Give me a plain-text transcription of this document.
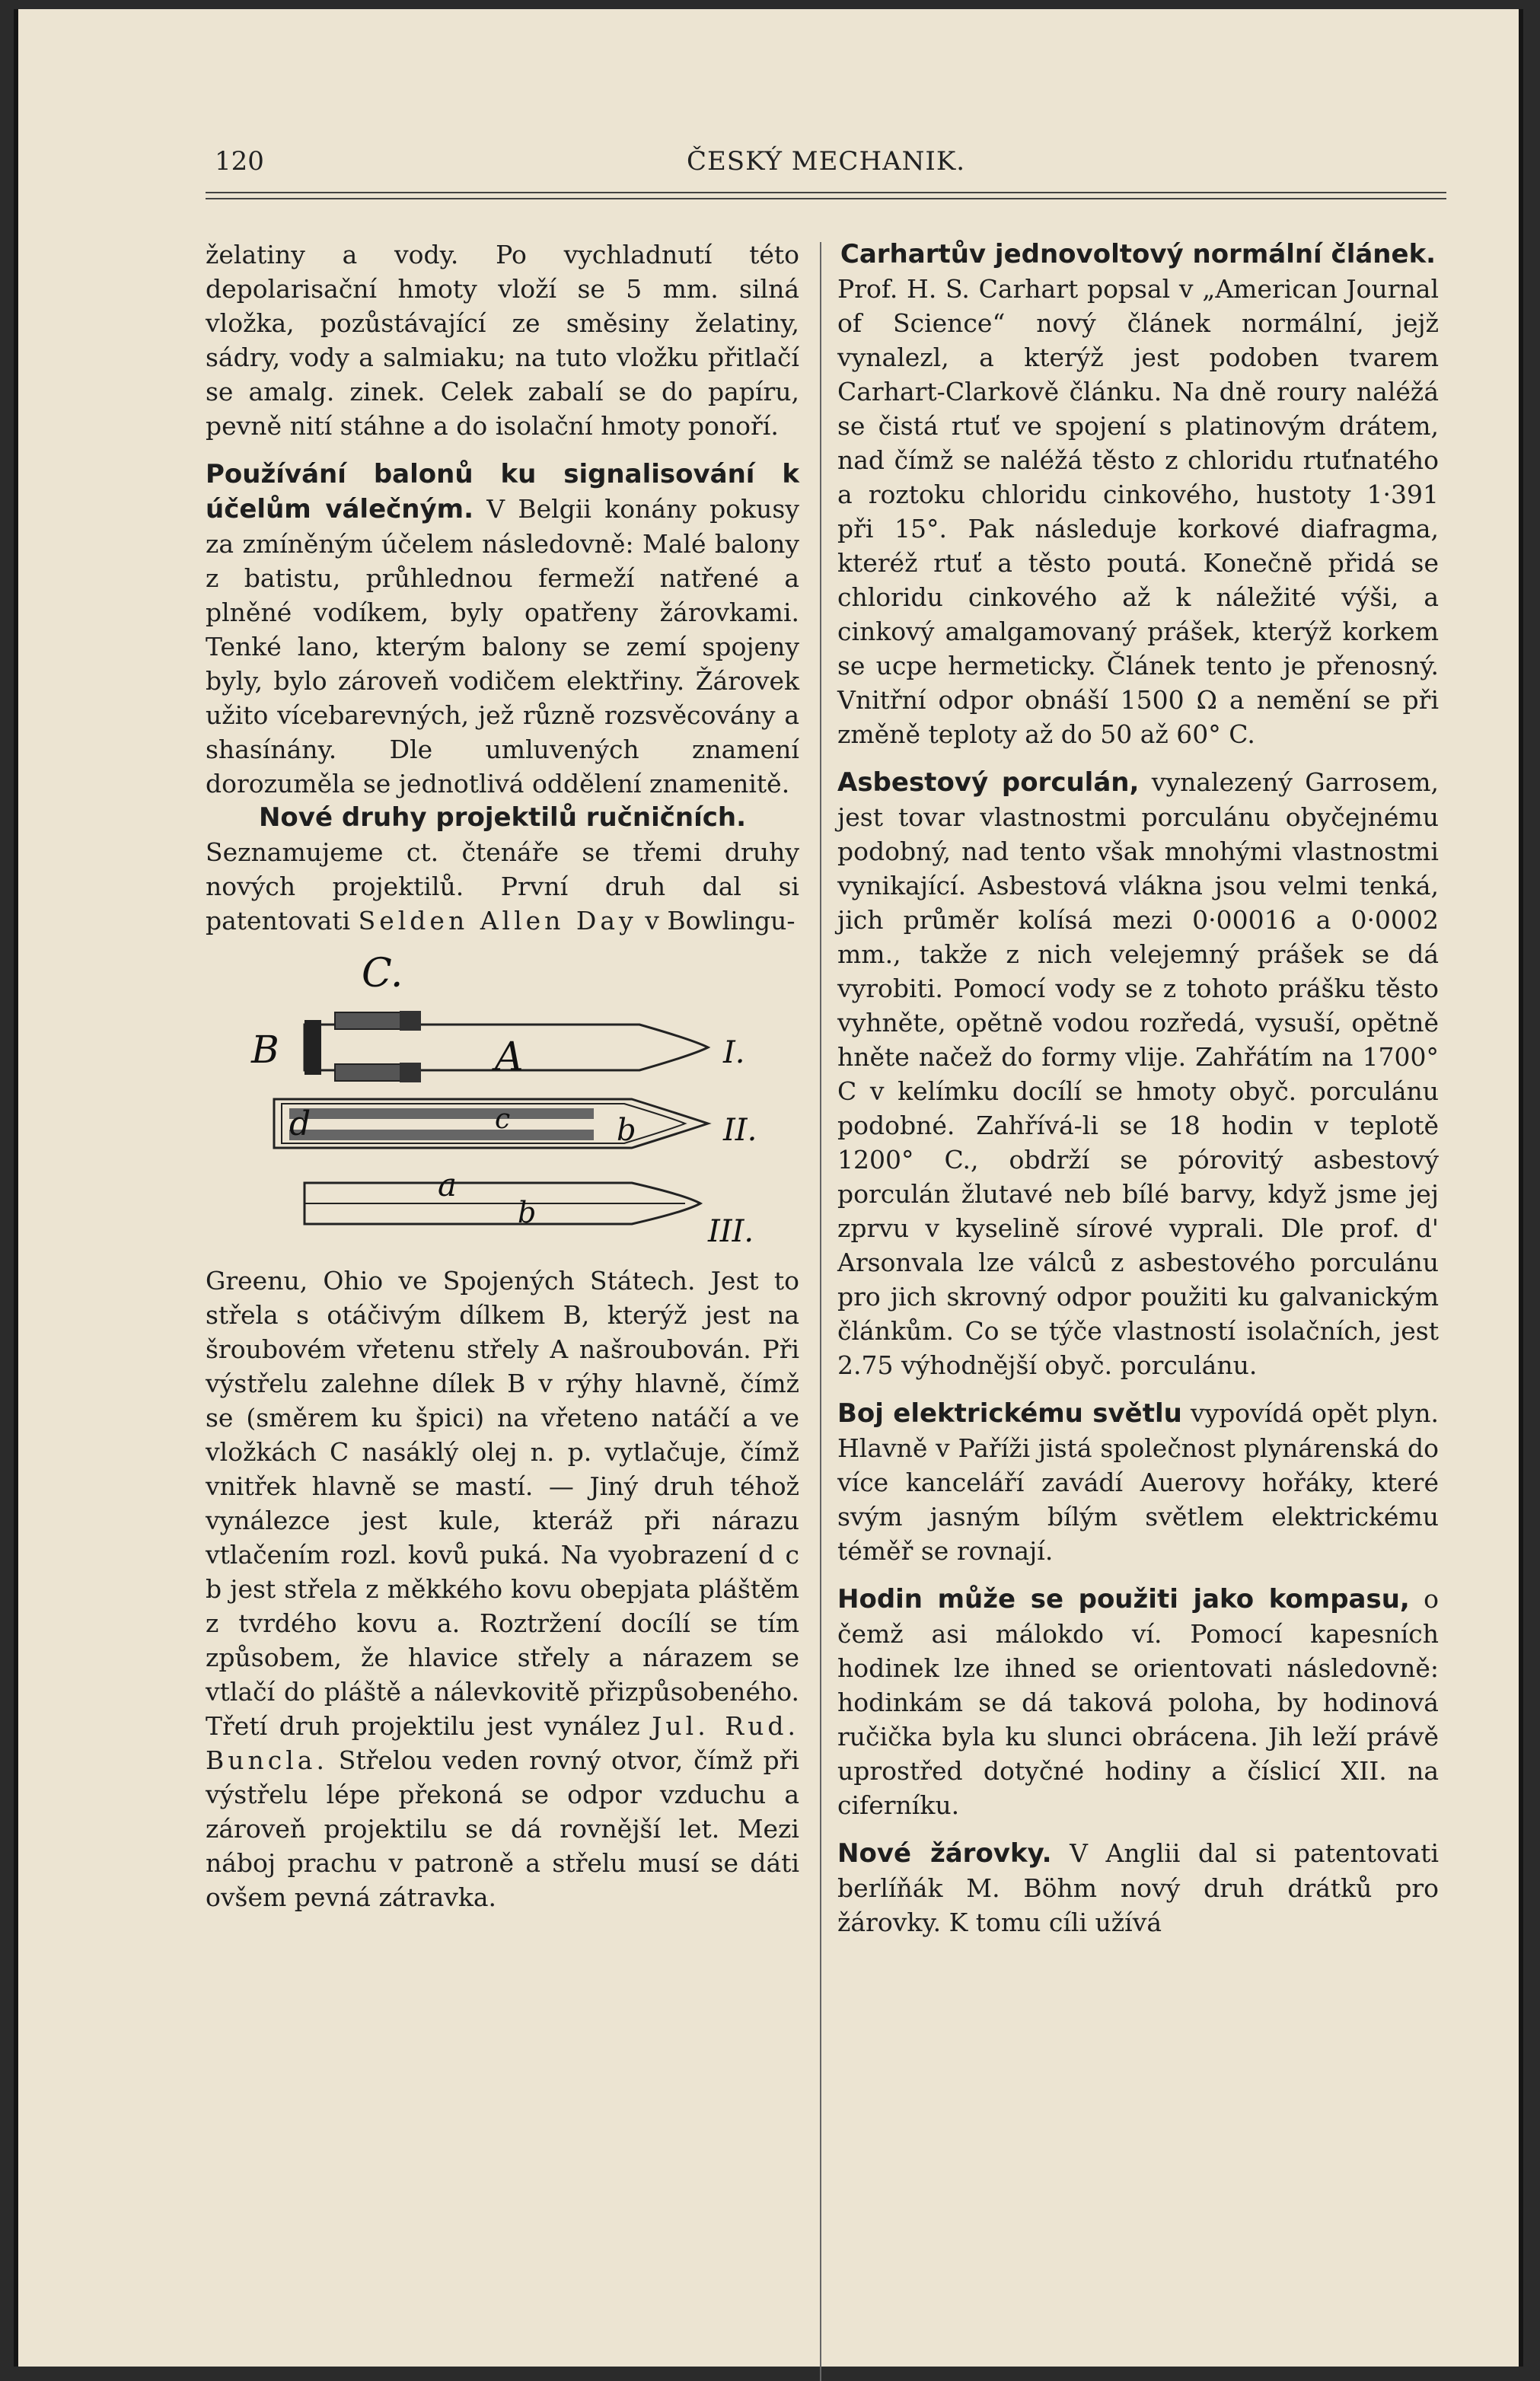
120	ČESKÝ MECHANIK.

želatiny a vody. Po vychladnutí této depolarisační hmoty vloží se 5 mm. silná vložka, pozůstávající ze směsiny želatiny, sádry, vody a salmiaku; na tuto vložku přitlačí se amalg. zinek. Celek zabalí se do papíru, pevně nití stáhne a do isolační hmoty ponoří.

Používání balonů ku signalisování k účelům válečným. V Belgii konány pokusy za zmíněným účelem následovně: Malé balony z batistu, průhlednou fermeží natřené a plněné vodíkem, byly opatřeny žárovkami. Tenké lano, kterým balony se zemí spojeny byly, bylo zároveň vodičem elektřiny. Žárovek užito vícebarevných, jež různě rozsvěcovány a shasínány. Dle umluvených znamení dorozuměla se jednotlivá oddělení znamenitě.

Nové druhy projektilů ručničních.

Seznamujeme ct. čtenáře se třemi druhy nových projektilů. První druh dal si patentovati Selden Allen Day v Bowlingu-

C.
B	A	I.
d	c	b	II.
a
b
III.

Greenu, Ohio ve Spojených Státech. Jest to střela s otáčivým dílkem B, kterýž jest na šroubovém vřetenu střely A našroubován. Při výstřelu zalehne dílek B v rýhy hlavně, čímž se (směrem ku špici) na vřeteno natáčí a ve vložkách C nasáklý olej n. p. vytlačuje, čímž vnitřek hlavně se mastí. — Jiný druh téhož vynálezce jest kule, kteráž při nárazu vtlačením rozl. kovů puká. Na vyobrazení d c b jest střela z měkkého kovu obepjata pláštěm z tvrdého kovu a. Roztržení docílí se tím způsobem, že hlavice střely a nárazem se vtlačí do pláště a nálevkovitě přizpůsobeného. Třetí druh projektilu jest vynález Jul. Rud. Buncla. Střelou veden rovný otvor, čímž při výstřelu lépe překoná se odpor vzduchu a zároveň projektilu se dá rovnější let. Mezi náboj prachu v patroně a střelu musí se dáti ovšem pevná zátravka.

Carhartův jednovoltový normální článek.

Prof. H. S. Carhart popsal v „American Journal of Science“ nový článek normální, jejž vynalezl, a kterýž jest podoben tvarem Carhart-Clarkově článku. Na dně roury naléžá se čistá rtuť ve spojení s platinovým drátem, nad čímž se naléžá těsto z chloridu rtuťnatého a roztoku chloridu cinkového, hustoty 1·391 při 15°. Pak následuje korkové diafragma, kteréž rtuť a těsto poutá. Konečně přidá se chloridu cinkového až k náležité výši, a cinkový amalgamovaný prášek, kterýž korkem se ucpe hermeticky. Článek tento je přenosný. Vnitřní odpor obnáší 1500 Ω a nemění se při změně teploty až do 50 až 60° C.

Asbestový porculán, vynalezený Garrosem, jest tovar vlastnostmi porculánu obyčejnému podobný, nad tento však mnohými vlastnostmi vynikající. Asbestová vlákna jsou velmi tenká, jich průměr kolísá mezi 0·00016 a 0·0002 mm., takže z nich velejemný prášek se dá vyrobiti. Pomocí vody se z tohoto prášku těsto vyhněte, opětně vodou rozředá, vysuší, opětně hněte načež do formy vlije. Zahřátím na 1700° C v kelímku docílí se hmoty obyč. porculánu podobné. Zahřívá-li se 18 hodin v teplotě 1200° C., obdrží se pórovitý asbestový porculán žlutavé neb bílé barvy, když jsme jej zprvu v kyselině sírové vyprali. Dle prof. d' Arsonvala lze válců z asbestového porculánu pro jich skrovný odpor použiti ku galvanickým článkům. Co se týče vlastností isolačních, jest 2.75 výhodnější obyč. porculánu.

Boj elektrickému světlu vypovídá opět plyn. Hlavně v Paříži jistá společnost plynárenská do více kanceláří zavádí Auerovy hořáky, které svým jasným bílým světlem elektrickému téměř se rovnají.

Hodin může se použiti jako kompasu, o čemž asi málokdo ví. Pomocí kapesních hodinek lze ihned se orientovati následovně: hodinkám se dá taková poloha, by hodinová ručička byla ku slunci obrácena. Jih leží právě uprostřed dotyčné hodiny a číslicí XII. na ciferníku.

Nové žárovky. V Anglii dal si patentovati berlíňák M. Böhm nový druh drátků pro žárovky. K tomu cíli užívá
